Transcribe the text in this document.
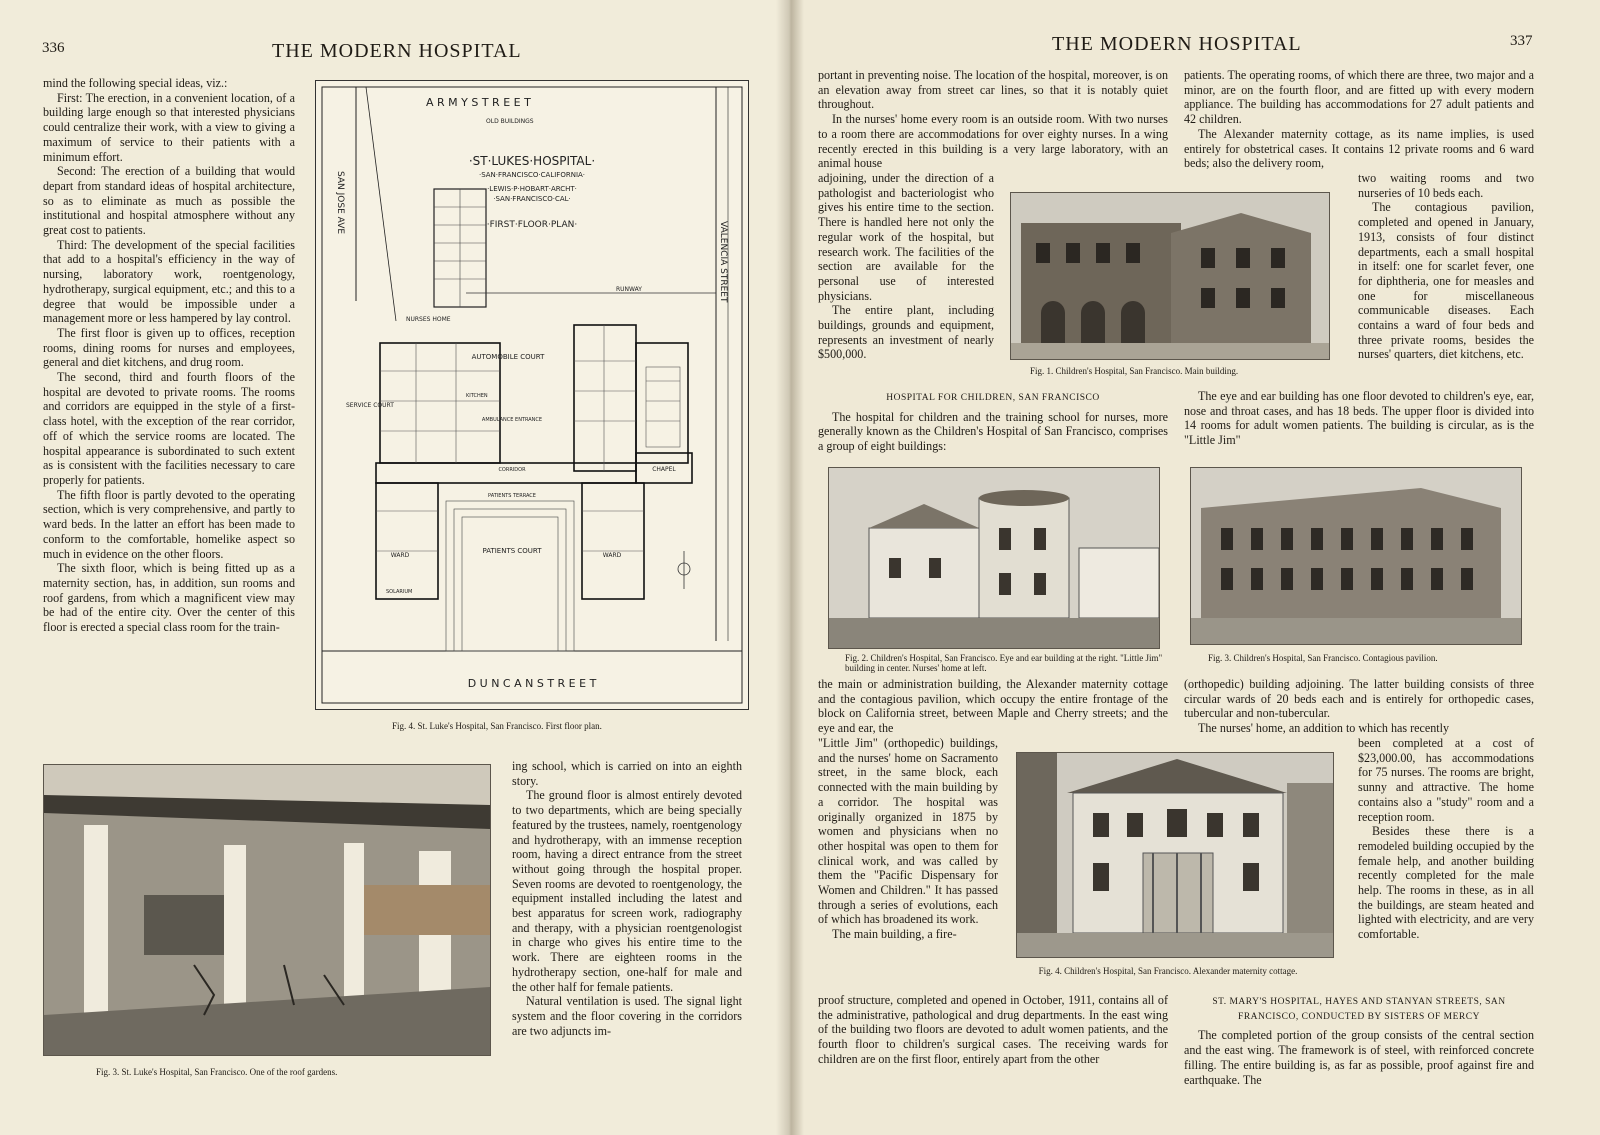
336	THE MODERN HOSPITAL

mind the following special ideas, viz.:

First: The erection, in a convenient location, of a building large enough so that interested physicians could centralize their work, with a view to giving a maximum of service to their patients with a minimum effort.

Second: The erection of a building that would depart from standard ideas of hospital architecture, so as to eliminate as much as possible the institutional and hospital atmosphere without any great cost to patients.

Third: The development of the special facilities that add to a hospital's efficiency in the way of nursing, laboratory work, roentgenology, hydrotherapy, surgical equipment, etc.; and this to a degree that would be impossible under a management more or less hampered by lay control.

The first floor is given up to offices, reception rooms, dining rooms for nurses and employees, general and diet kitchens, and drug room.

The second, third and fourth floors of the hospital are devoted to private rooms. The rooms and corridors are equipped in the style of a first-class hotel, with the exception of the rear corridor, off of which the service rooms are located. The hospital appearance is subordinated to such extent as is consistent with the facilities necessary to care properly for patients.

The fifth floor is partly devoted to the operating section, which is very comprehensive, and partly to ward beds. In the latter an effort has been made to conform to the comfortable, homelike aspect so much in evidence on the other floors.

The sixth floor, which is being fitted up as a maternity section, has, in addition, sun rooms and roof gardens, from which a magnificent view may be had of the entire city. Over the center of this floor is erected a special class room for the train-

A R M Y S T R E E T
OLD BUILDINGS
SAN JOSE AVE
VALENCIA STREET
·ST·LUKES·HOSPITAL·
·SAN·FRANCISCO·CALIFORNIA·
·LEWIS·P·HOBART·ARCHT·
·SAN·FRANCISCO·CAL·
·FIRST·FLOOR·PLAN·
NURSES HOME
RUNWAY
AUTOMOBILE COURT
SERVICE COURT
PATIENTS COURT
AMBULANCE ENTRANCE
CORRIDOR
PATIENTS TERRACE
WARD	WARD
CHAPEL
KITCHEN
SOLARIUM
D U N C A N S T R E E T
Fig. 4. St. Luke's Hospital, San Francisco. First floor plan.
Fig. 3. St. Luke's Hospital, San Francisco. One of the roof gardens.

ing school, which is carried on into an eighth story.

The ground floor is almost entirely devoted to two departments, which are being specially featured by the trustees, namely, roentgenology and hydrotherapy, with an immense reception room, having a direct entrance from the street without going through the hospital proper. Seven rooms are devoted to roentgenology, the equipment installed including the latest and best apparatus for screen work, radiography and therapy, with a physician roentgenologist in charge who gives his entire time to the work. There are eighteen rooms in the hydrotherapy section, one-half for male and the other half for female patients.

Natural ventilation is used. The signal light system and the floor covering in the corridors are two adjuncts im-

THE MODERN HOSPITAL	337

portant in preventing noise. The location of the hospital, moreover, is on an elevation away from street car lines, so that it is notably quiet throughout.

In the nurses' home every room is an outside room. With two nurses to a room there are accommodations for over eighty nurses. In a wing recently erected in this building is a very large laboratory, with an animal house

adjoining, under the direction of a pathologist and bacteriologist who gives his entire time to the section. There is handled here not only the regular work of the hospital, but research work. The facilities of the section are available for the personal use of interested physicians.

The entire plant, including buildings, grounds and equipment, represents an investment of nearly $500,000.

HOSPITAL FOR CHILDREN, SAN FRANCISCO

The hospital for children and the training school for nurses, more generally known as the Children's Hospital of San Francisco, comprises a group of eight buildings:

Fig. 1. Children's Hospital, San Francisco. Main building.

patients. The operating rooms, of which there are three, two major and a minor, are on the fourth floor, and are fitted up with every modern appliance. The building has accommodations for 27 adult patients and 42 children.

The Alexander maternity cottage, as its name implies, is used entirely for obstetrical cases. It contains 12 private rooms and 6 ward beds; also the delivery room,

two waiting rooms and two nurseries of 10 beds each.

The contagious pavilion, completed and opened in January, 1913, consists of four distinct departments, each a small hospital in itself: one for scarlet fever, one for diphtheria, one for measles and one for miscellaneous communicable diseases. Each contains a ward of four beds and three private rooms, besides the nurses' quarters, diet kitchens, etc.

The eye and ear building has one floor devoted to children's eye, ear, nose and throat cases, and has 18 beds. The upper floor is divided into 14 rooms for adult women patients. The building is circular, as is the "Little Jim"

Fig. 2. Children's Hospital, San Francisco. Eye and ear building at the right. "Little Jim" building in center. Nurses' home at left.
Fig. 3. Children's Hospital, San Francisco. Contagious pavilion.

the main or administration building, the Alexander maternity cottage and the contagious pavilion, which occupy the entire frontage of the block on California street, between Maple and Cherry streets; and the eye and ear, the

"Little Jim" (orthopedic) buildings, and the nurses' home on Sacramento street, in the same block, each connected with the main building by a corridor. The hospital was originally organized in 1875 by women and physicians when no other hospital was open to them for clinical work, and was called by them the "Pacific Dispensary for Women and Children." It has passed through a series of evolutions, each of which has broadened its work.

The main building, a fire-

proof structure, completed and opened in October, 1911, contains all of the administrative, pathological and drug departments. In the east wing of the building two floors are devoted to adult women patients, and the fourth floor to children's surgical cases. The receiving wards for children are on the first floor, entirely apart from the other

Fig. 4. Children's Hospital, San Francisco. Alexander maternity cottage.

(orthopedic) building adjoining. The latter building consists of three circular wards of 20 beds each and is entirely for orthopedic cases, tubercular and non-tubercular.

The nurses' home, an addition to which has recently

been completed at a cost of $23,000.00, has accommodations for 75 nurses. The rooms are bright, sunny and attractive. The home contains also a "study" room and a reception room.

Besides these there is a remodeled building occupied by the female help, and another building recently completed for the male help. The rooms in these, as in all the buildings, are steam heated and lighted with electricity, and are very comfortable.

ST. MARY'S HOSPITAL, HAYES AND STANYAN STREETS, SAN FRANCISCO, CONDUCTED BY SISTERS OF MERCY

The completed portion of the group consists of the central section and the east wing. The framework is of steel, with reinforced concrete filling. The entire building is, as far as possible, proof against fire and earthquake. The
